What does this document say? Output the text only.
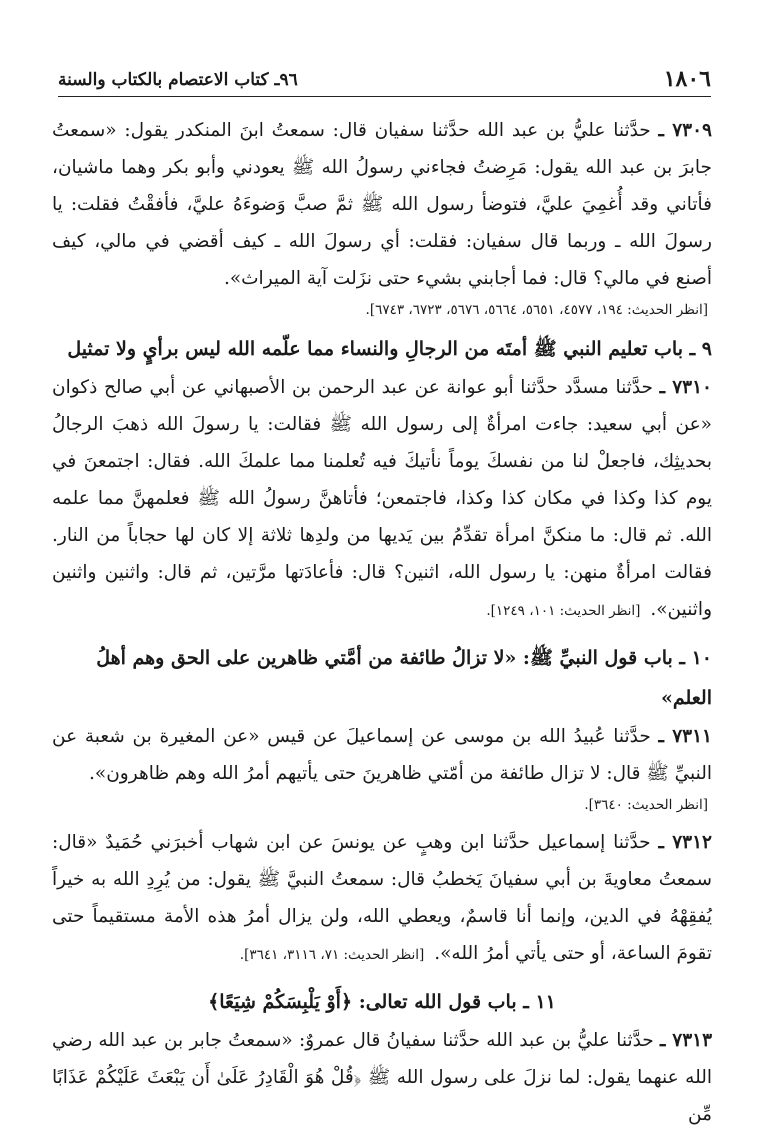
١٨٠٦
٩٦ـ كتاب الاعتصام بالكتاب والسنة

٧٣٠٩ ـ حدَّثنا عليُّ بن عبد الله حدَّثنا سفيان قال: سمعتُ ابنَ المنكدر يقول: «سمعتُ جابرَ بن عبد الله يقول: مَرِضتُ فجاءني رسولُ الله ﷺ يعودني وأبو بكر وهما ماشيان، فأتاني وقد أُغمِيَ عليَّ، فتوضأ رسول الله ﷺ ثمَّ صبَّ وَضوءَهُ عليَّ، فأفقْتُ فقلت: يا رسولَ الله ـ وربما قال سفيان: فقلت: أي رسولَ الله ـ كيف أقضي في مالي، كيف أصنع في مالي؟ قال: فما أجابني بشيء حتى نزَلت آية الميراث».

[انظر الحديث: ١٩٤، ٤٥٧٧، ٥٦٥١، ٥٦٦٤، ٥٦٧٦، ٦٧٢٣، ٦٧٤٣].
٩ ـ باب تعليم النبي ﷺ أمتَه من الرجالِ والنساء مما علّمه الله ليس برأيٍ ولا تمثيل

٧٣١٠ ـ حدَّثنا مسدَّد حدَّثنا أبو عوانة عن عبد الرحمن بن الأصبهاني عن أبي صالح ذكوان «عن أبي سعيد: جاءت امرأةٌ إلى رسول الله ﷺ فقالت: يا رسولَ الله ذهبَ الرجالُ بحديثِك، فاجعلْ لنا من نفسكَ يوماً نأتيكَ فيه تُعلمنا مما علمكَ الله. فقال: اجتمعنَ في يوم كذا وكذا في مكان كذا وكذا، فاجتمعن؛ فأتاهنَّ رسولُ الله ﷺ فعلمهنَّ مما علمه الله. ثم قال: ما منكنَّ امرأة تقدِّمُ بين يَديها من ولدِها ثلاثة إلا كان لها حجاباً من النار. فقالت امرأةٌ منهن: يا رسول الله، اثنين؟ قال: فأعادَتها مرَّتين، ثم قال: واثنين واثنين واثنين». [انظر الحديث: ١٠١، ١٢٤٩].

١٠ ـ باب قول النبيِّ ﷺ: «لا تزالُ طائفة من أمَّتي ظاهرين على الحق وهم أهلُ العلم»

٧٣١١ ـ حدَّثنا عُبيدُ الله بن موسى عن إسماعيلَ عن قيس «عن المغيرة بن شعبة عن النبيِّ ﷺ قال: لا تزال طائفة من أمّتي ظاهرينَ حتى يأتيهم أمرُ الله وهم ظاهرون».

[انظر الحديث: ٣٦٤٠].

٧٣١٢ ـ حدَّثنا إسماعيل حدَّثنا ابن وهبٍ عن يونسَ عن ابن شهاب أخبرَني حُمَيدٌ «قال: سمعتُ معاويةَ بن أبي سفيانَ يَخطبُ قال: سمعتُ النبيَّ ﷺ يقول: من يُرِدِ الله به خيراً يُفقِهْهُ في الدين، وإنما أنا قاسمٌ، ويعطي الله، ولن يزال أمرُ هذه الأمة مستقيماً حتى تقومَ الساعة، أو حتى يأتي أمرُ الله». [انظر الحديث: ٧١، ٣١١٦، ٣٦٤١].

١١ ـ باب قول الله تعالى: ﴿أَوْ يَلْبِسَكُمْ شِيَعًا﴾

٧٣١٣ ـ حدَّثنا عليُّ بن عبد الله حدَّثنا سفيانُ قال عمروٌ: «سمعتُ جابر بن عبد الله رضي الله عنهما يقول: لما نزلَ على رسول الله ﷺ ﴿قُلْ هُوَ الْقَادِرُ عَلَىٰ أَن يَبْعَثَ عَلَيْكُمْ عَذَابًا مِّن
